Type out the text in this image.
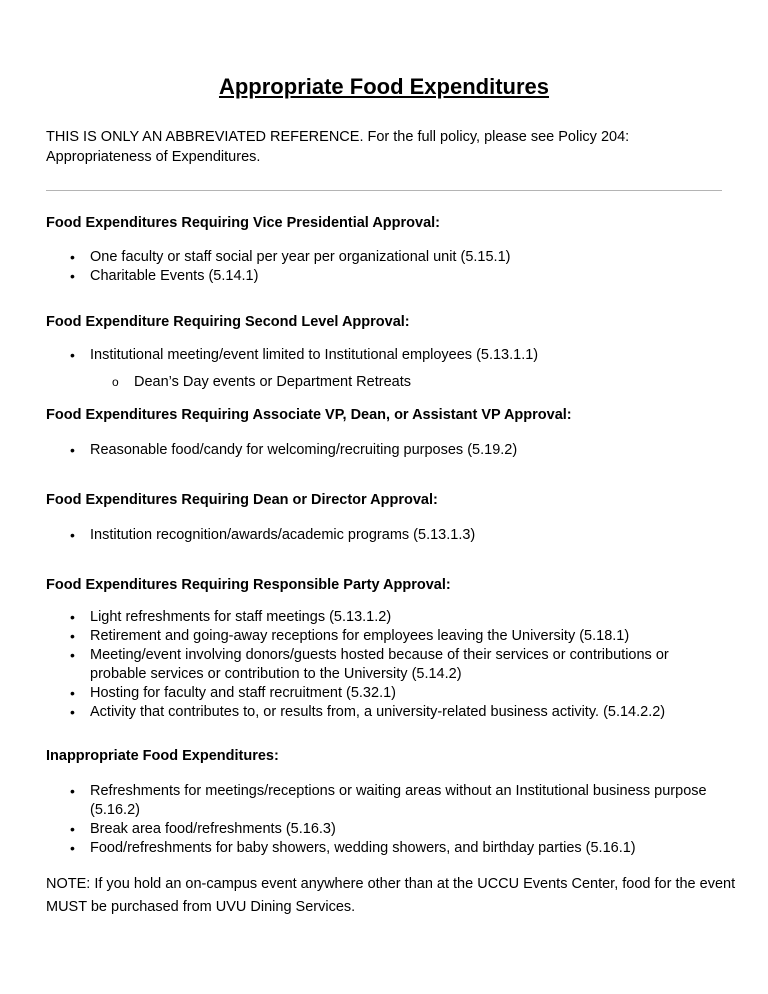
Appropriate Food Expenditures

THIS IS ONLY AN ABBREVIATED REFERENCE. For the full policy, please see Policy 204: Appropriateness of Expenditures.

Food Expenditures Requiring Vice Presidential Approval:

• One faculty or staff social per year per organizational unit (5.15.1)
• Charitable Events (5.14.1)

Food Expenditure Requiring Second Level Approval:

• Institutional meeting/event limited to Institutional employees (5.13.1.1)
o Dean’s Day events or Department Retreats

Food Expenditures Requiring Associate VP, Dean, or Assistant VP Approval:

• Reasonable food/candy for welcoming/recruiting purposes (5.19.2)

Food Expenditures Requiring Dean or Director Approval:

• Institution recognition/awards/academic programs (5.13.1.3)

Food Expenditures Requiring Responsible Party Approval:

• Light refreshments for staff meetings (5.13.1.2)
• Retirement and going-away receptions for employees leaving the University (5.18.1)
• Meeting/event involving donors/guests hosted because of their services or contributions or probable services or contribution to the University (5.14.2)
• Hosting for faculty and staff recruitment (5.32.1)
• Activity that contributes to, or results from, a university-related business activity. (5.14.2.2)

Inappropriate Food Expenditures:

• Refreshments for meetings/receptions or waiting areas without an Institutional business purpose (5.16.2)
• Break area food/refreshments (5.16.3)
• Food/refreshments for baby showers, wedding showers, and birthday parties (5.16.1)

NOTE: If you hold an on-campus event anywhere other than at the UCCU Events Center, food for the event MUST be purchased from UVU Dining Services.
